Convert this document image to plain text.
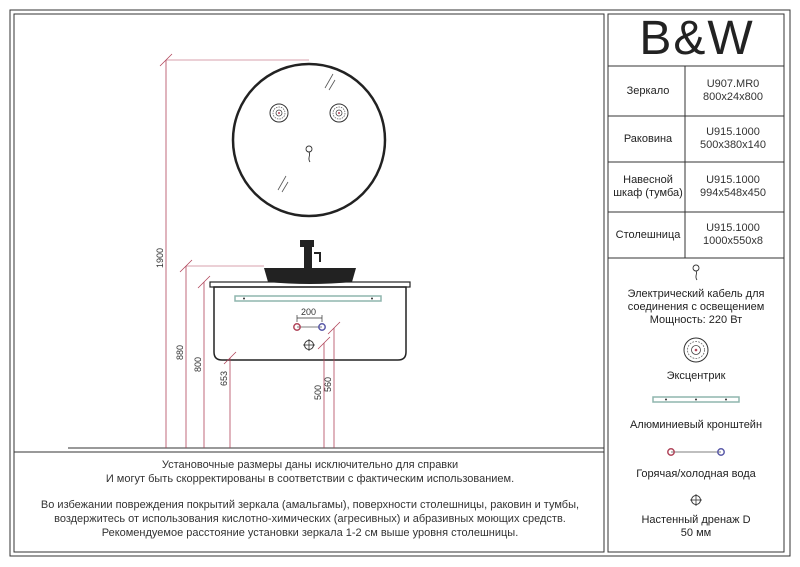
1900
880
800
653
500
560
200
B&W
Зеркало
U907.MR0
800x24x800
Раковина
U915.1000
500x380x140
Навесной шкаф (тумба)
U915.1000
994x548x450
Столешница
U915.1000
1000x550x8
Электрический кабель для соединения с освещением Мощность: 220 Вт
Эксцентрик
Алюминиевый кронштейн
Горячая/холодная вода
Настенный дренаж D 50 мм
Установочные размеры даны исключительно для справки
И могут быть скорректированы в соответствии с фактическим использованием.
Во избежании повреждения покрытий зеркала (амальгамы), поверхности столешницы, раковин и тумбы,
воздержитесь от использования кислотно-химических (агресивных) и абразивных моющих средств.
Рекомендуемое расстояние установки зеркала 1-2 см выше уровня столешницы.
